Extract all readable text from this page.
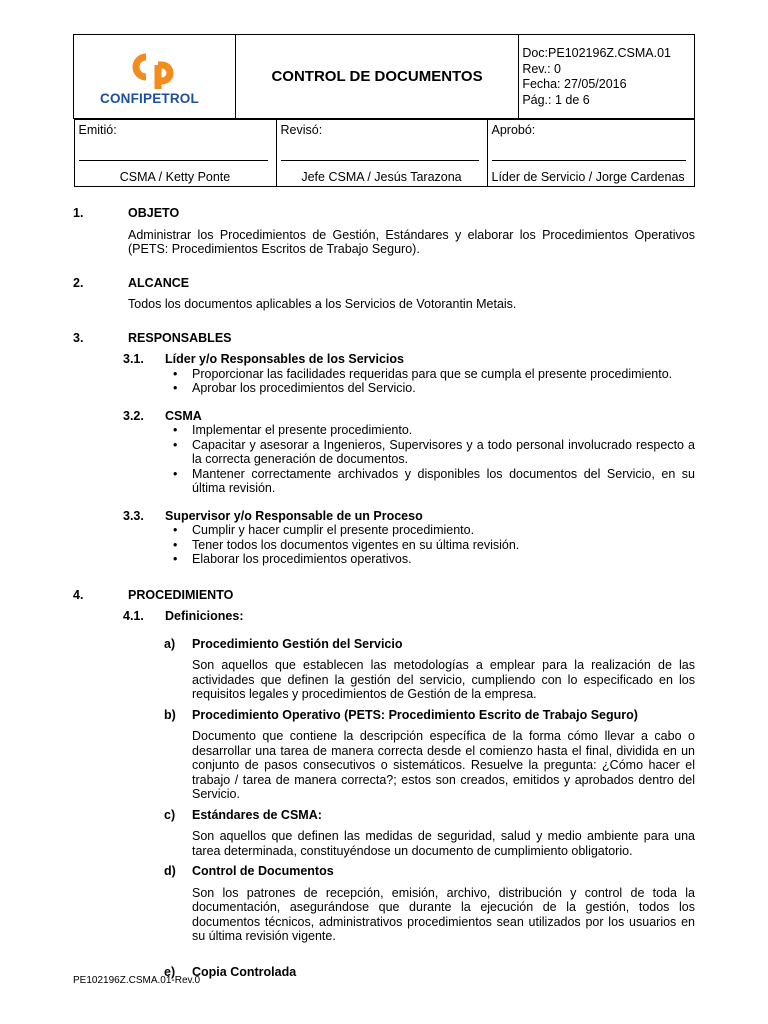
CONFIPETROL
	CONTROL DE DOCUMENTOS	
Doc:PE102196Z.CSMA.01
Rev.: 0
Fecha: 27/05/2016
Pág.: 1 de 6

Emitió:
CSMA / Ketty Ponte

Revisó:
Jefe CSMA / Jesús Tarazona

Aprobó:
Líder de Servicio / Jorge Cardenas
1.	OBJETO
Administrar los Procedimientos de Gestión, Estándares y elaborar los Procedimientos Operativos (PETS: Procedimientos Escritos de Trabajo Seguro).
2.	ALCANCE
Todos los documentos aplicables a los Servicios de Votorantin Metais.
3.	RESPONSABLES
3.1.	Líder y/o Responsables de los Servicios
• Proporcionar las facilidades requeridas para que se cumpla el presente procedimiento.
• Aprobar los procedimientos del Servicio.
3.2.	CSMA
• Implementar el presente procedimiento.
• Capacitar y asesorar a Ingenieros, Supervisores y a todo personal involucrado respecto a la correcta generación de documentos.
• Mantener correctamente archivados y disponibles los documentos del Servicio, en su última revisión.
3.3.	Supervisor y/o Responsable de un Proceso
• Cumplir y hacer cumplir el presente procedimiento.
• Tener todos los documentos vigentes en su última revisión.
• Elaborar los procedimientos operativos.
4.	PROCEDIMIENTO
4.1.	Definiciones:
a)	Procedimiento Gestión del Servicio
Son aquellos que establecen las metodologías a emplear para la realización de las actividades que definen la gestión del servicio, cumpliendo con lo especificado en los requisitos legales y procedimientos de Gestión de la empresa.
b)	Procedimiento Operativo (PETS: Procedimiento Escrito de Trabajo Seguro)
Documento que contiene la descripción específica de la forma cómo llevar a cabo o desarrollar una tarea de manera correcta desde el comienzo hasta el final, dividida en un conjunto de pasos consecutivos o sistemáticos. Resuelve la pregunta: ¿Cómo hacer el trabajo / tarea de manera correcta?; estos son creados, emitidos y aprobados dentro del Servicio.
c)	Estándares de CSMA:
Son aquellos que definen las medidas de seguridad, salud y medio ambiente para una tarea determinada, constituyéndose un documento de cumplimiento obligatorio.
d)	Control de Documentos
Son los patrones de recepción, emisión, archivo, distribución y control de toda la documentación, asegurándose que durante la ejecución de la gestión, todos los documentos técnicos, administrativos procedimientos sean utilizados por los usuarios en su última revisión vigente.
e)	Copia Controlada
PE102196Z.CSMA.01-Rev.0
